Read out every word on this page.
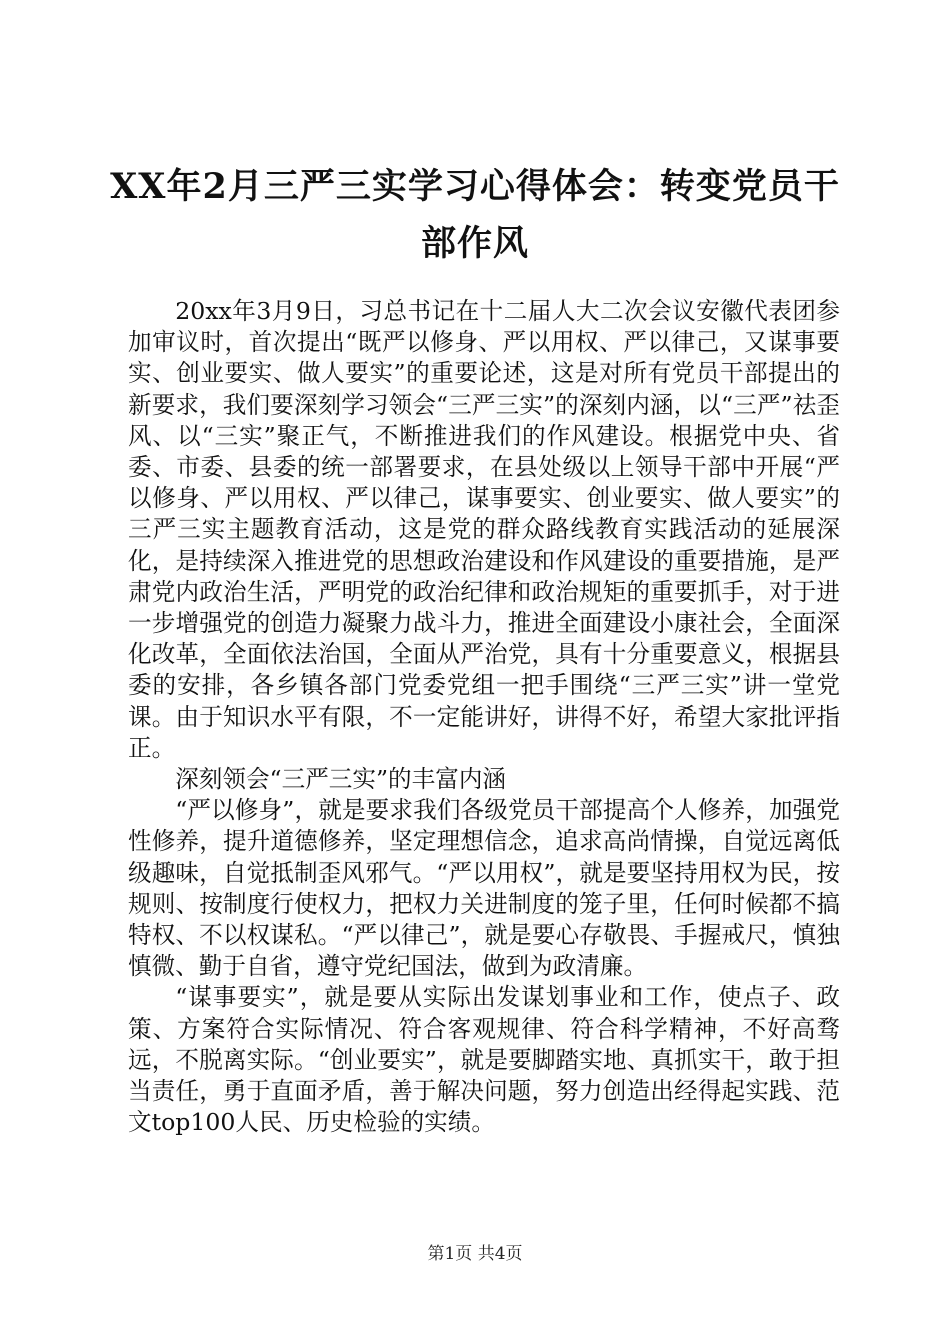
XX年2月三严三实学习心得体会：转变党员干部作风

20xx年3月9日，习总书记在十二届人大二次会议安徽代表团参加审议时，首次提出“既严以修身、严以用权、严以律己，又谋事要实、创业要实、做人要实”的重要论述，这是对所有党员干部提出的新要求，我们要深刻学习领会“三严三实”的深刻内涵，以“三严”祛歪风、以“三实”聚正气，不断推进我们的作风建设。根据党中央、省委、市委、县委的统一部署要求，在县处级以上领导干部中开展“严以修身、严以用权、严以律己，谋事要实、创业要实、做人要实”的三严三实主题教育活动，这是党的群众路线教育实践活动的延展深化，是持续深入推进党的思想政治建设和作风建设的重要措施，是严肃党内政治生活，严明党的政治纪律和政治规矩的重要抓手，对于进一步增强党的创造力凝聚力战斗力，推进全面建设小康社会，全面深化改革，全面依法治国，全面从严治党，具有十分重要意义，根据县委的安排，各乡镇各部门党委党组一把手围绕“三严三实”讲一堂党课。由于知识水平有限，不一定能讲好，讲得不好，希望大家批评指正。

深刻领会“三严三实”的丰富内涵

“严以修身”，就是要求我们各级党员干部提高个人修养，加强党性修养，提升道德修养，坚定理想信念，追求高尚情操，自觉远离低级趣味，自觉抵制歪风邪气。“严以用权”，就是要坚持用权为民，按规则、按制度行使权力，把权力关进制度的笼子里，任何时候都不搞特权、不以权谋私。“严以律己”，就是要心存敬畏、手握戒尺，慎独慎微、勤于自省，遵守党纪国法，做到为政清廉。

“谋事要实”，就是要从实际出发谋划事业和工作，使点子、政策、方案符合实际情况、符合客观规律、符合科学精神，不好高骛远，不脱离实际。“创业要实”，就是要脚踏实地、真抓实干，敢于担当责任，勇于直面矛盾，善于解决问题，努力创造出经得起实践、范文top100人民、历史检验的实绩。

第1页 共4页
